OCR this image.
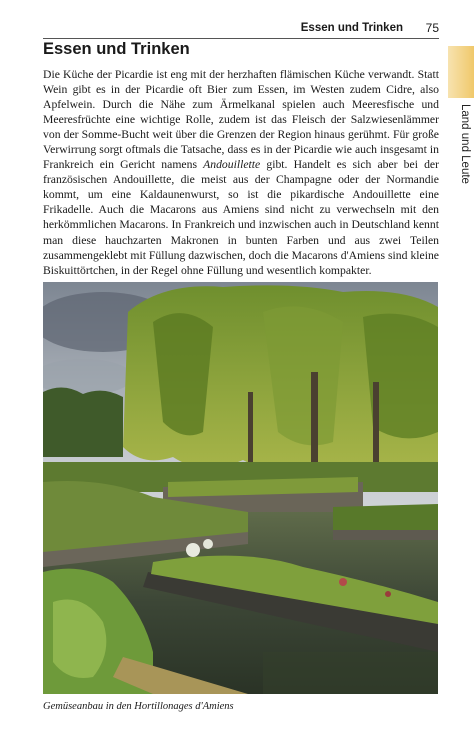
Essen und Trinken 75
Land und Leute
Essen und Trinken

Die Küche der Picardie ist eng mit der herzhaften flämischen Küche verwandt. Statt Wein gibt es in der Picardie oft Bier zum Essen, im Westen zudem Cidre, also Apfelwein. Durch die Nähe zum Ärmelkanal spielen auch Meeresfische und Meeresfrüchte eine wichtige Rolle, zudem ist das Fleisch der Salzwiesenlämmer von der Somme-Bucht weit über die Grenzen der Region hinaus gerühmt. Für große Verwirrung sorgt oftmals die Tatsache, dass es in der Picardie wie auch insgesamt in Frankreich ein Gericht namens Andouillette gibt. Handelt es sich aber bei der französischen Andouillette, die meist aus der Champagne oder der Normandie kommt, um eine Kaldaunenwurst, so ist die pikardische Andouillette eine Frikadelle. Auch die Macarons aus Amiens sind nicht zu verwechseln mit den herkömmlichen Macarons. In Frankreich und inzwischen auch in Deutschland kennt man diese hauchzarten Makronen in bunten Farben und aus zwei Teilen zusammengeklebt mit Füllung dazwischen, doch die Macarons d'Amiens sind kleine Biskuittörtchen, in der Regel ohne Füllung und wesentlich kompakter.

Gemüseanbau in den Hortillonages d'Amiens
